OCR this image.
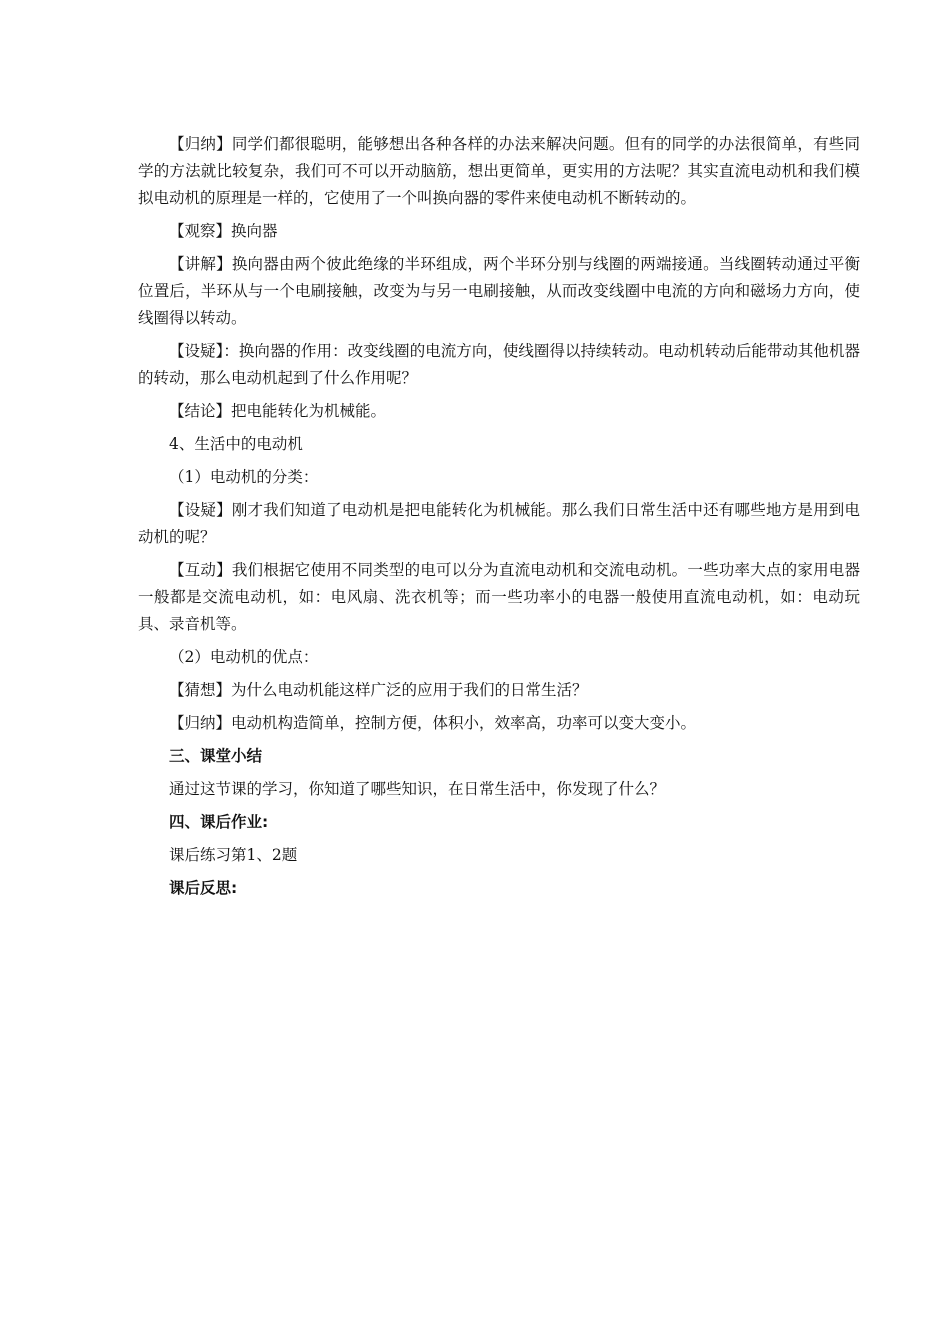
【归纳】同学们都很聪明，能够想出各种各样的办法来解决问题。但有的同学的办法很简单，有些同学的方法就比较复杂，我们可不可以开动脑筋，想出更简单，更实用的方法呢？其实直流电动机和我们模拟电动机的原理是一样的，它使用了一个叫换向器的零件来使电动机不断转动的。

【观察】换向器

【讲解】换向器由两个彼此绝缘的半环组成，两个半环分别与线圈的两端接通。当线圈转动通过平衡位置后，半环从与一个电刷接触，改变为与另一电刷接触，从而改变线圈中电流的方向和磁场力方向，使线圈得以转动。

【设疑】：换向器的作用：改变线圈的电流方向，使线圈得以持续转动。电动机转动后能带动其他机器的转动，那么电动机起到了什么作用呢？

【结论】把电能转化为机械能。

4、生活中的电动机

（1）电动机的分类：

【设疑】刚才我们知道了电动机是把电能转化为机械能。那么我们日常生活中还有哪些地方是用到电动机的呢？

【互动】我们根据它使用不同类型的电可以分为直流电动机和交流电动机。一些功率大点的家用电器一般都是交流电动机，如：电风扇、洗衣机等；而一些功率小的电器一般使用直流电动机，如：电动玩具、录音机等。

（2）电动机的优点：

【猜想】为什么电动机能这样广泛的应用于我们的日常生活？

【归纳】电动机构造简单，控制方便，体积小，效率高，功率可以变大变小。

三、课堂小结

通过这节课的学习，你知道了哪些知识，在日常生活中，你发现了什么？

四、课后作业:

课后练习第1、2题

课后反思:
